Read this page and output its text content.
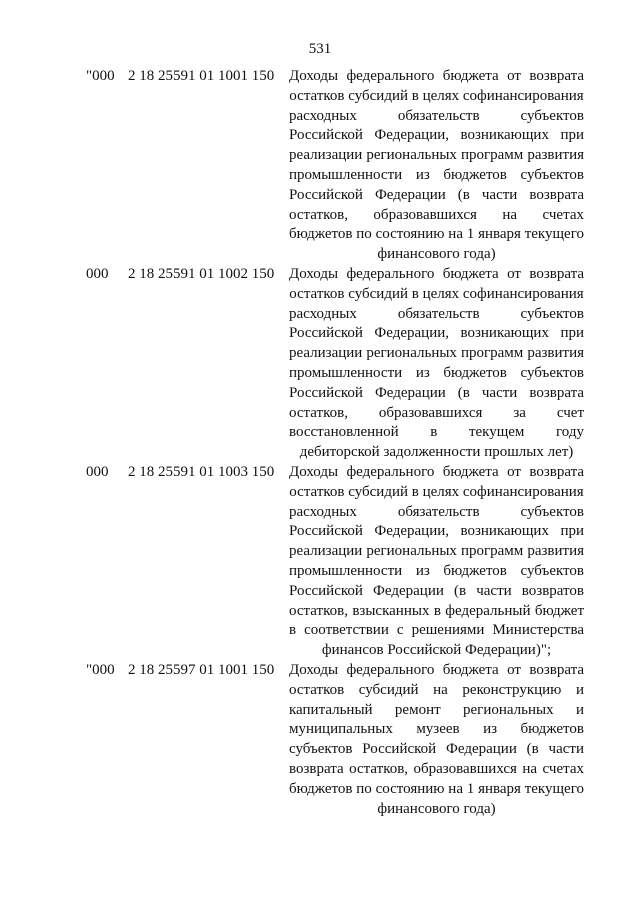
531
"000 2 18 25591 01 1001 150 Доходы федерального бюджета от возврата
остатков субсидий в целях софинансирования
расходных обязательств субъектов
Российской Федерации, возникающих при
реализации региональных программ развития
промышленности из бюджетов субъектов
Российской Федерации (в части возврата
остатков, образовавшихся на счетах
бюджетов по состоянию на 1 января текущего
финансового года)
000 2 18 25591 01 1002 150 Доходы федерального бюджета от возврата
остатков субсидий в целях софинансирования
расходных обязательств субъектов
Российской Федерации, возникающих при
реализации региональных программ развития
промышленности из бюджетов субъектов
Российской Федерации (в части возврата
остатков, образовавшихся за счет
восстановленной в текущем году
дебиторской задолженности прошлых лет)
000 2 18 25591 01 1003 150 Доходы федерального бюджета от возврата
остатков субсидий в целях софинансирования
расходных обязательств субъектов
Российской Федерации, возникающих при
реализации региональных программ развития
промышленности из бюджетов субъектов
Российской Федерации (в части возвратов
остатков, взысканных в федеральный бюджет
в соответствии с решениями Министерства
финансов Российской Федерации)";
"000 2 18 25597 01 1001 150 Доходы федерального бюджета от возврата
остатков субсидий на реконструкцию и
капитальный ремонт региональных и
муниципальных музеев из бюджетов
субъектов Российской Федерации (в части
возврата остатков, образовавшихся на счетах
бюджетов по состоянию на 1 января текущего
финансового года)
